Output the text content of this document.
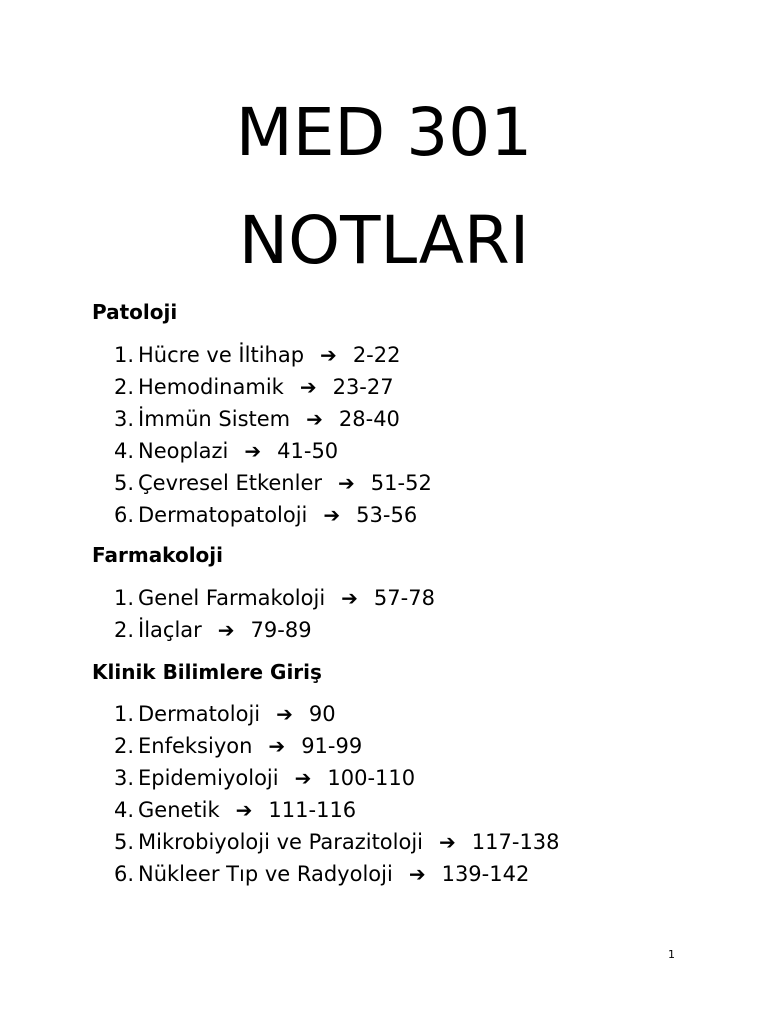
MED 301
NOTLARI
Patoloji
1. Hücre ve İltihap ➔ 2-22
2. Hemodinamik ➔ 23-27
3. İmmün Sistem ➔ 28-40
4. Neoplazi ➔ 41-50
5. Çevresel Etkenler ➔ 51-52
6. Dermatopatoloji ➔ 53-56
Farmakoloji
1. Genel Farmakoloji ➔ 57-78
2. İlaçlar ➔ 79-89
Klinik Bilimlere Giriş
1. Dermatoloji ➔ 90
2. Enfeksiyon ➔ 91-99
3. Epidemiyoloji ➔ 100-110
4. Genetik ➔ 111-116
5. Mikrobiyoloji ve Parazitoloji ➔ 117-138
6. Nükleer Tıp ve Radyoloji ➔ 139-142
1
